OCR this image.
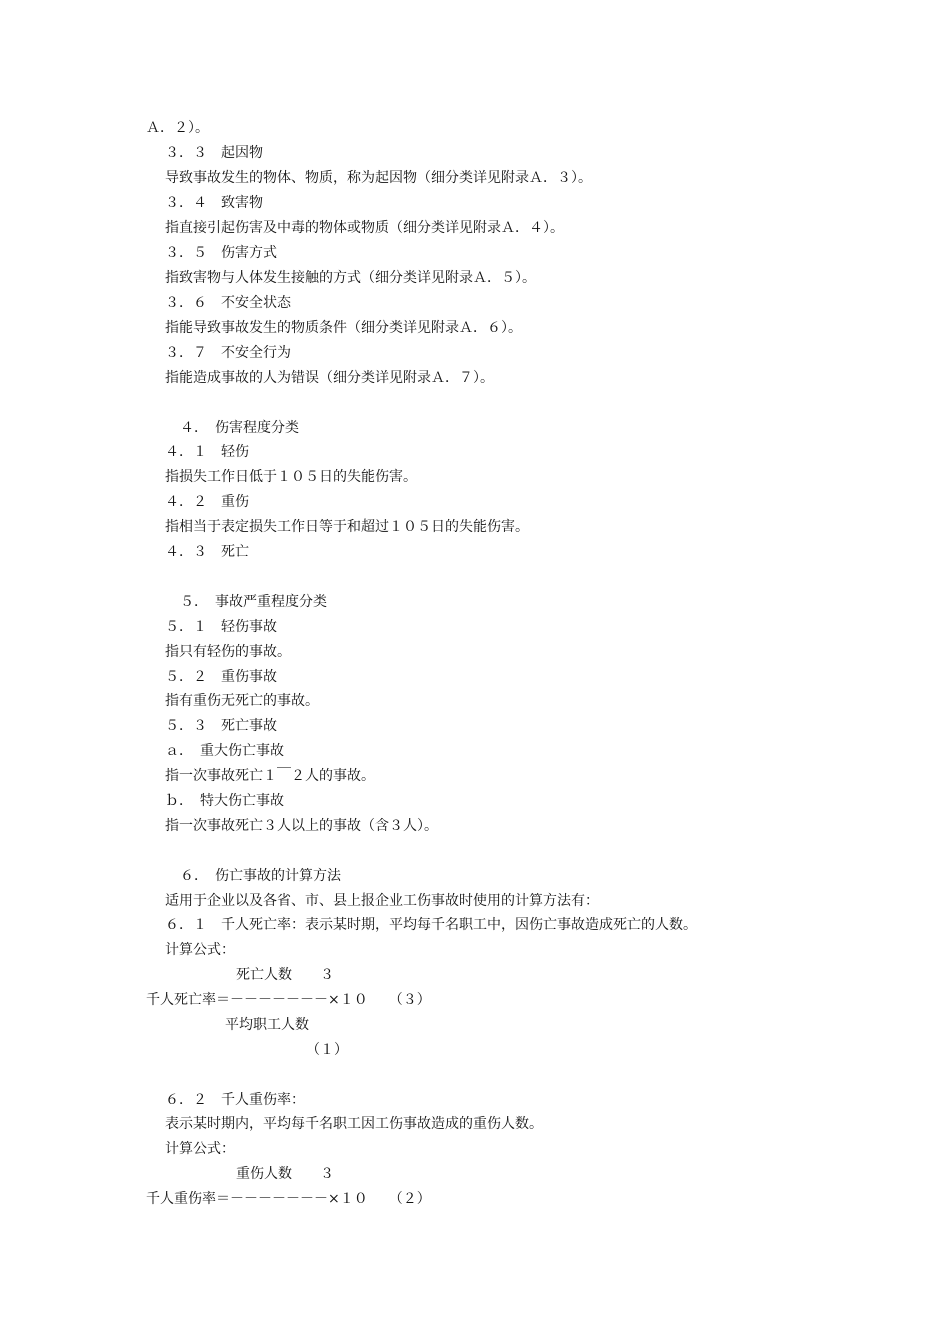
Ａ．２）。
３．３　起因物
导致事故发生的物体、物质，称为起因物（细分类详见附录Ａ．３）。
３．４　致害物
指直接引起伤害及中毒的物体或物质（细分类详见附录Ａ．４）。
３．５　伤害方式
指致害物与人体发生接触的方式（细分类详见附录Ａ．５）。
３．６　不安全状态
指能导致事故发生的物质条件（细分类详见附录Ａ．６）。
３．７　不安全行为
指能造成事故的人为错误（细分类详见附录Ａ．７）。
４．　伤害程度分类
４．１　轻伤
指损失工作日低于１０５日的失能伤害。
４．２　重伤
指相当于表定损失工作日等于和超过１０５日的失能伤害。
４．３　死亡
５．　事故严重程度分类
５．１　轻伤事故
指只有轻伤的事故。
５．２　重伤事故
指有重伤无死亡的事故。
５．３　死亡事故
ａ．　重大伤亡事故
指一次事故死亡１￣２人的事故。
ｂ．　特大伤亡事故
指一次事故死亡３人以上的事故（含３人）。
６．　伤亡事故的计算方法
适用于企业以及各省、市、县上报企业工伤事故时使用的计算方法有：
６．１　千人死亡率：表示某时期，平均每千名职工中，因伤亡事故造成死亡的人数。
计算公式：
死亡人数　　３
千人死亡率＝－－－－－－－×１０　　（３）
平均职工人数
（１）
６．２　千人重伤率：
表示某时期内，平均每千名职工因工伤事故造成的重伤人数。
计算公式：
重伤人数　　３
千人重伤率＝－－－－－－－×１０　　（２）
